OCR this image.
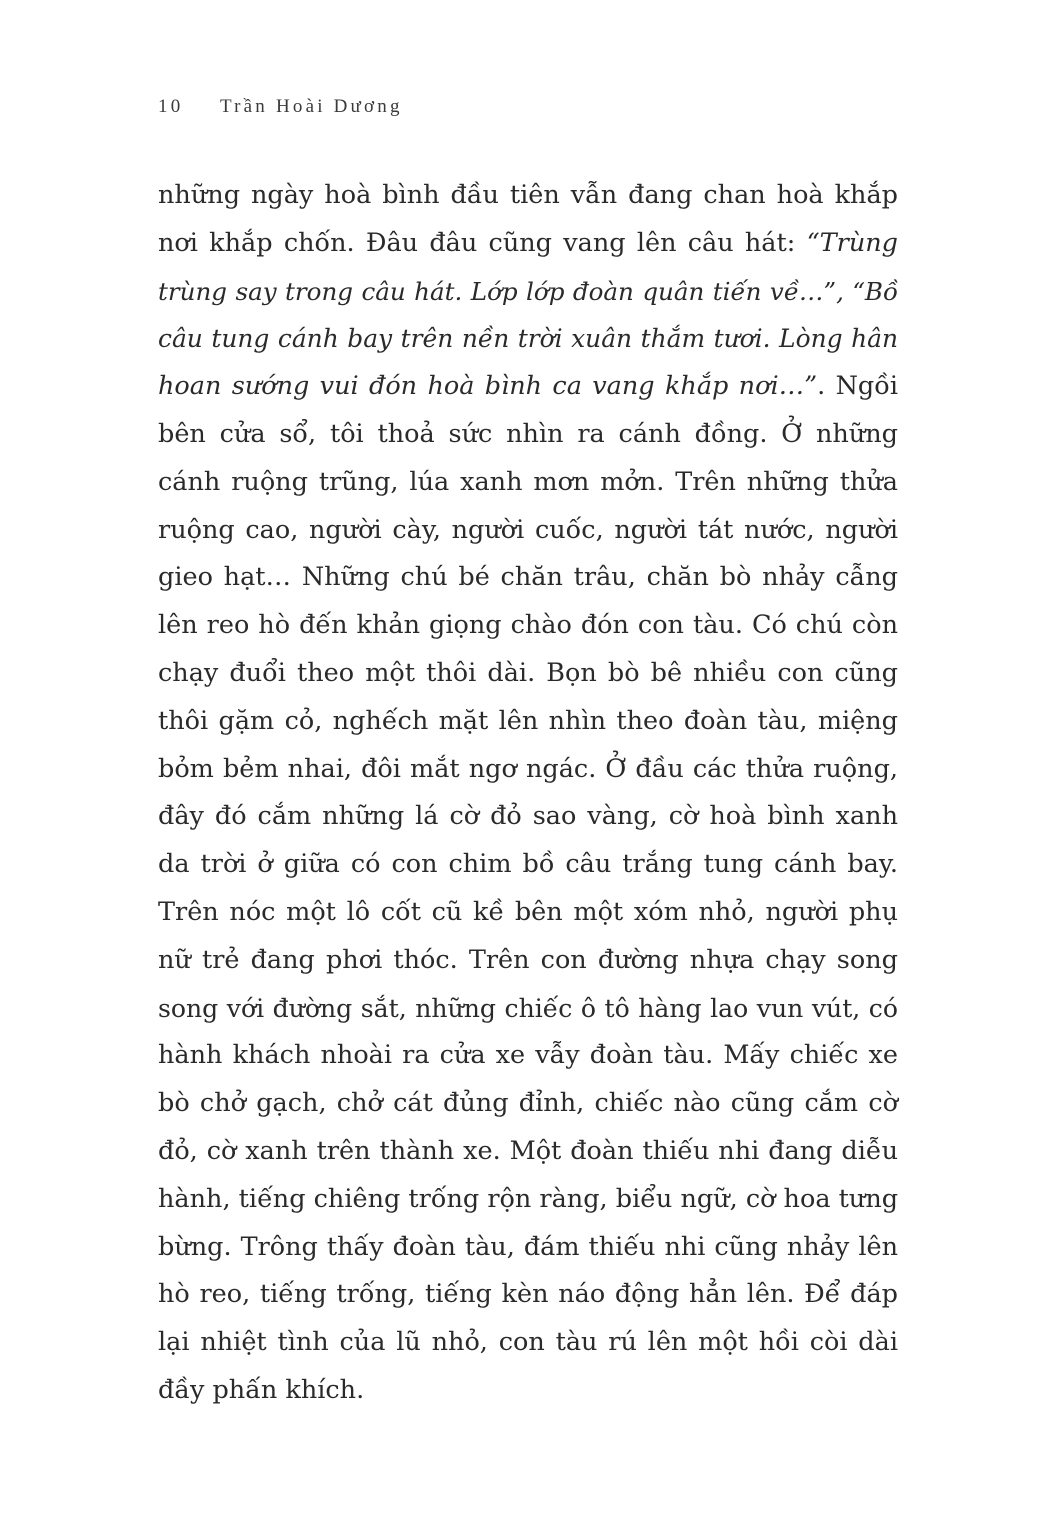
10 Trần Hoài Dương
những ngày hoà bình đầu tiên vẫn đang chan hoà khắp
nơi khắp chốn. Đâu đâu cũng vang lên câu hát: “Trùng
trùng say trong câu hát. Lớp lớp đoàn quân tiến về…”, “Bồ
câu tung cánh bay trên nền trời xuân thắm tươi. Lòng hân
hoan sướng vui đón hoà bình ca vang khắp nơi…”. Ngồi
bên cửa sổ, tôi thoả sức nhìn ra cánh đồng. Ở những
cánh ruộng trũng, lúa xanh mơn mởn. Trên những thửa
ruộng cao, người cày, người cuốc, người tát nước, người
gieo hạt… Những chú bé chăn trâu, chăn bò nhảy cẫng
lên reo hò đến khản giọng chào đón con tàu. Có chú còn
chạy đuổi theo một thôi dài. Bọn bò bê nhiều con cũng
thôi gặm cỏ, nghếch mặt lên nhìn theo đoàn tàu, miệng
bỏm bẻm nhai, đôi mắt ngơ ngác. Ở đầu các thửa ruộng,
đây đó cắm những lá cờ đỏ sao vàng, cờ hoà bình xanh
da trời ở giữa có con chim bồ câu trắng tung cánh bay.
Trên nóc một lô cốt cũ kề bên một xóm nhỏ, người phụ
nữ trẻ đang phơi thóc. Trên con đường nhựa chạy song
song với đường sắt, những chiếc ô tô hàng lao vun vút, có
hành khách nhoài ra cửa xe vẫy đoàn tàu. Mấy chiếc xe
bò chở gạch, chở cát đủng đỉnh, chiếc nào cũng cắm cờ
đỏ, cờ xanh trên thành xe. Một đoàn thiếu nhi đang diễu
hành, tiếng chiêng trống rộn ràng, biểu ngữ, cờ hoa tưng
bừng. Trông thấy đoàn tàu, đám thiếu nhi cũng nhảy lên
hò reo, tiếng trống, tiếng kèn náo động hẳn lên. Để đáp
lại nhiệt tình của lũ nhỏ, con tàu rú lên một hồi còi dài
đầy phấn khích.
